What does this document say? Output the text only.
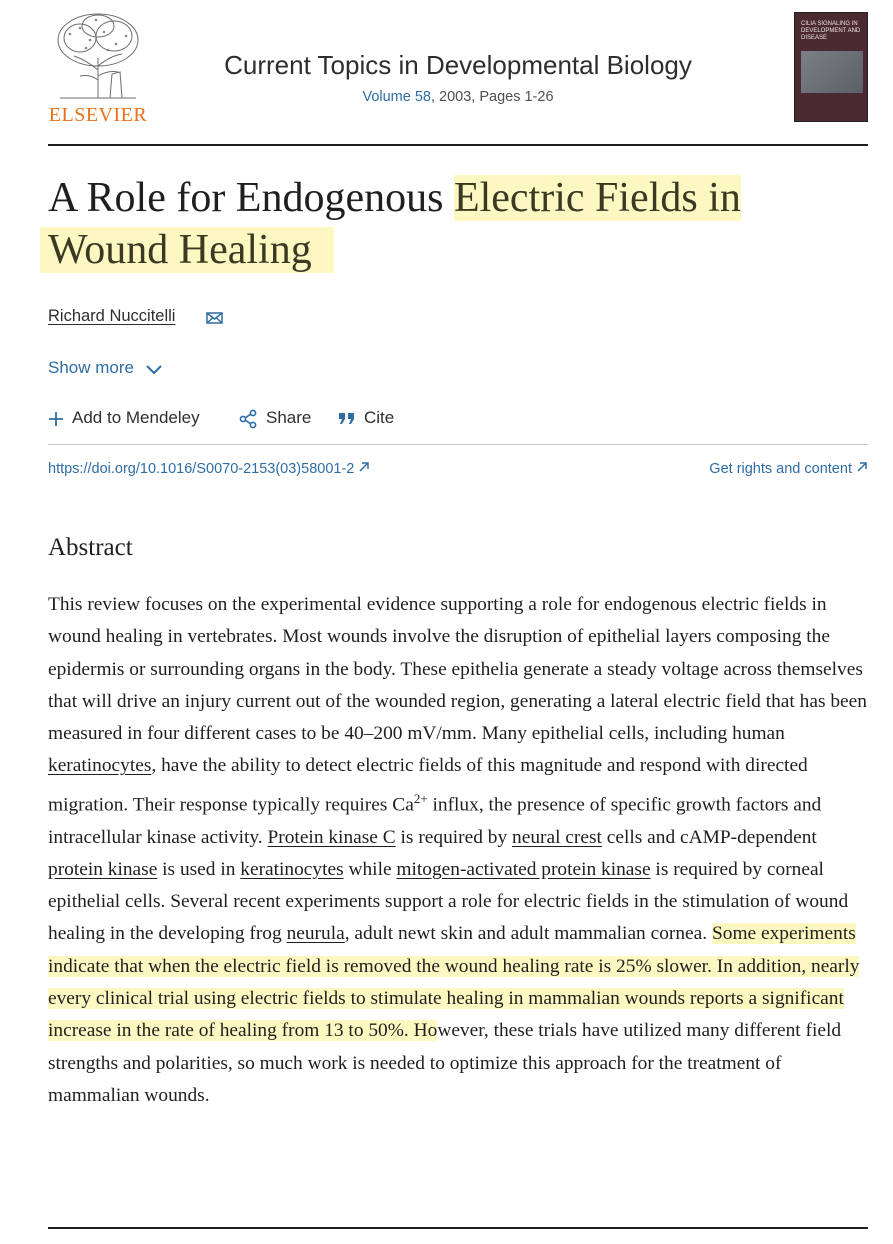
ELSEVIER
Current Topics in Developmental Biology
Volume 58, 2003, Pages 1-26
CILIA SIGNALING IN DEVELOPMENT AND DISEASE
A Role for Endogenous Electric Fields in
Wound Healing
Richard Nuccitelli
Show more
Add to Mendeley	Share	Cite
https://doi.org/10.1016/S0070-2153(03)58001-2	Get rights and content
Abstract
This review focuses on the experimental evidence supporting a role for endogenous electric fields in wound healing in vertebrates. Most wounds involve the disruption of epithelial layers composing the epidermis or surrounding organs in the body. These epithelia generate a steady voltage across themselves that will drive an injury current out of the wounded region, generating a lateral electric field that has been measured in four different cases to be 40–200 mV/mm. Many epithelial cells, including human keratinocytes, have the ability to detect electric fields of this magnitude and respond with directed migration. Their response typically requires $Ca^{2+}$ influx, the presence of specific growth factors and intracellular kinase activity. Protein kinase C is required by neural crest cells and cAMP-dependent protein kinase is used in keratinocytes while mitogen-activated protein kinase is required by corneal epithelial cells. Several recent experiments support a role for electric fields in the stimulation of wound healing in the developing frog neurula, adult newt skin and adult mammalian cornea. Some experiments indicate that when the electric field is removed the wound healing rate is 25% slower. In addition, nearly every clinical trial using electric fields to stimulate healing in mammalian wounds reports a significant increase in the rate of healing from 13 to 50%. However, these trials have utilized many different field strengths and polarities, so much work is needed to optimize this approach for the treatment of mammalian wounds.
